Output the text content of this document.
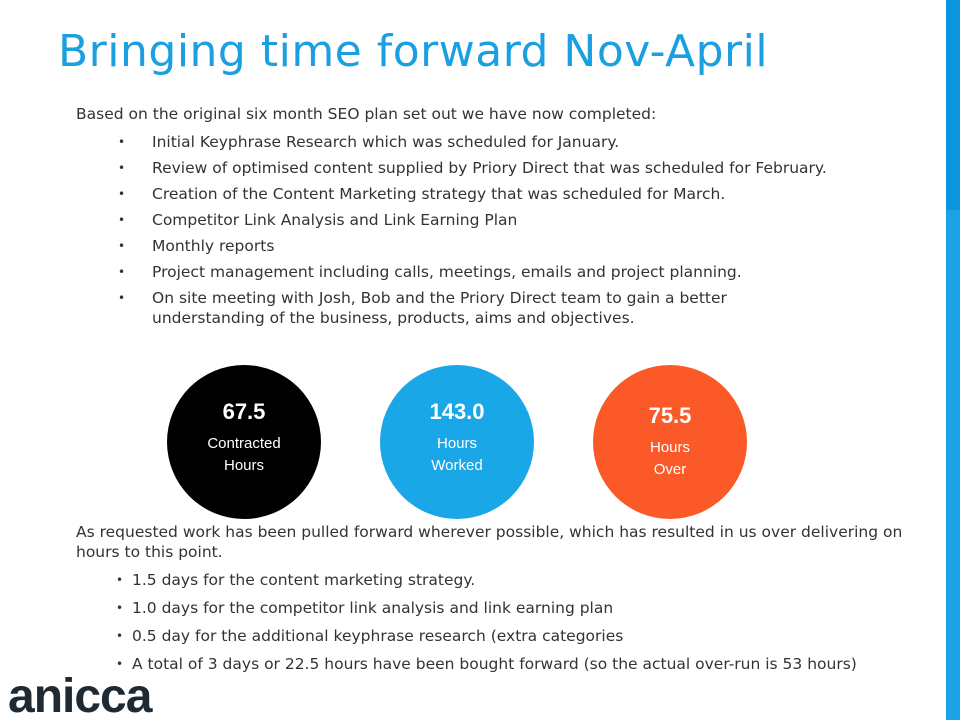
Bringing time forward Nov-April
Based on the original six month SEO plan set out we have now completed:
• Initial Keyphrase Research which was scheduled for January.
• Review of optimised content supplied by Priory Direct that was scheduled for February.
• Creation of the Content Marketing strategy that was scheduled for March.
• Competitor Link Analysis and Link Earning Plan
• Monthly reports
• Project management including calls, meetings, emails and project planning.
• On site meeting with Josh, Bob and the Priory Direct team to gain a better understanding of the business, products, aims and objectives.
67.5
Contracted Hours
143.0
Hours Worked
75.5
Hours Over
As requested work has been pulled forward wherever possible, which has resulted in us over delivering on hours to this point.
• 1.5 days for the content marketing strategy.
• 1.0 days for the competitor link analysis and link earning plan
• 0.5 day for the additional keyphrase research (extra categories
• A total of 3 days or 22.5 hours have been bought forward (so the actual over-run is 53 hours)
anicca
